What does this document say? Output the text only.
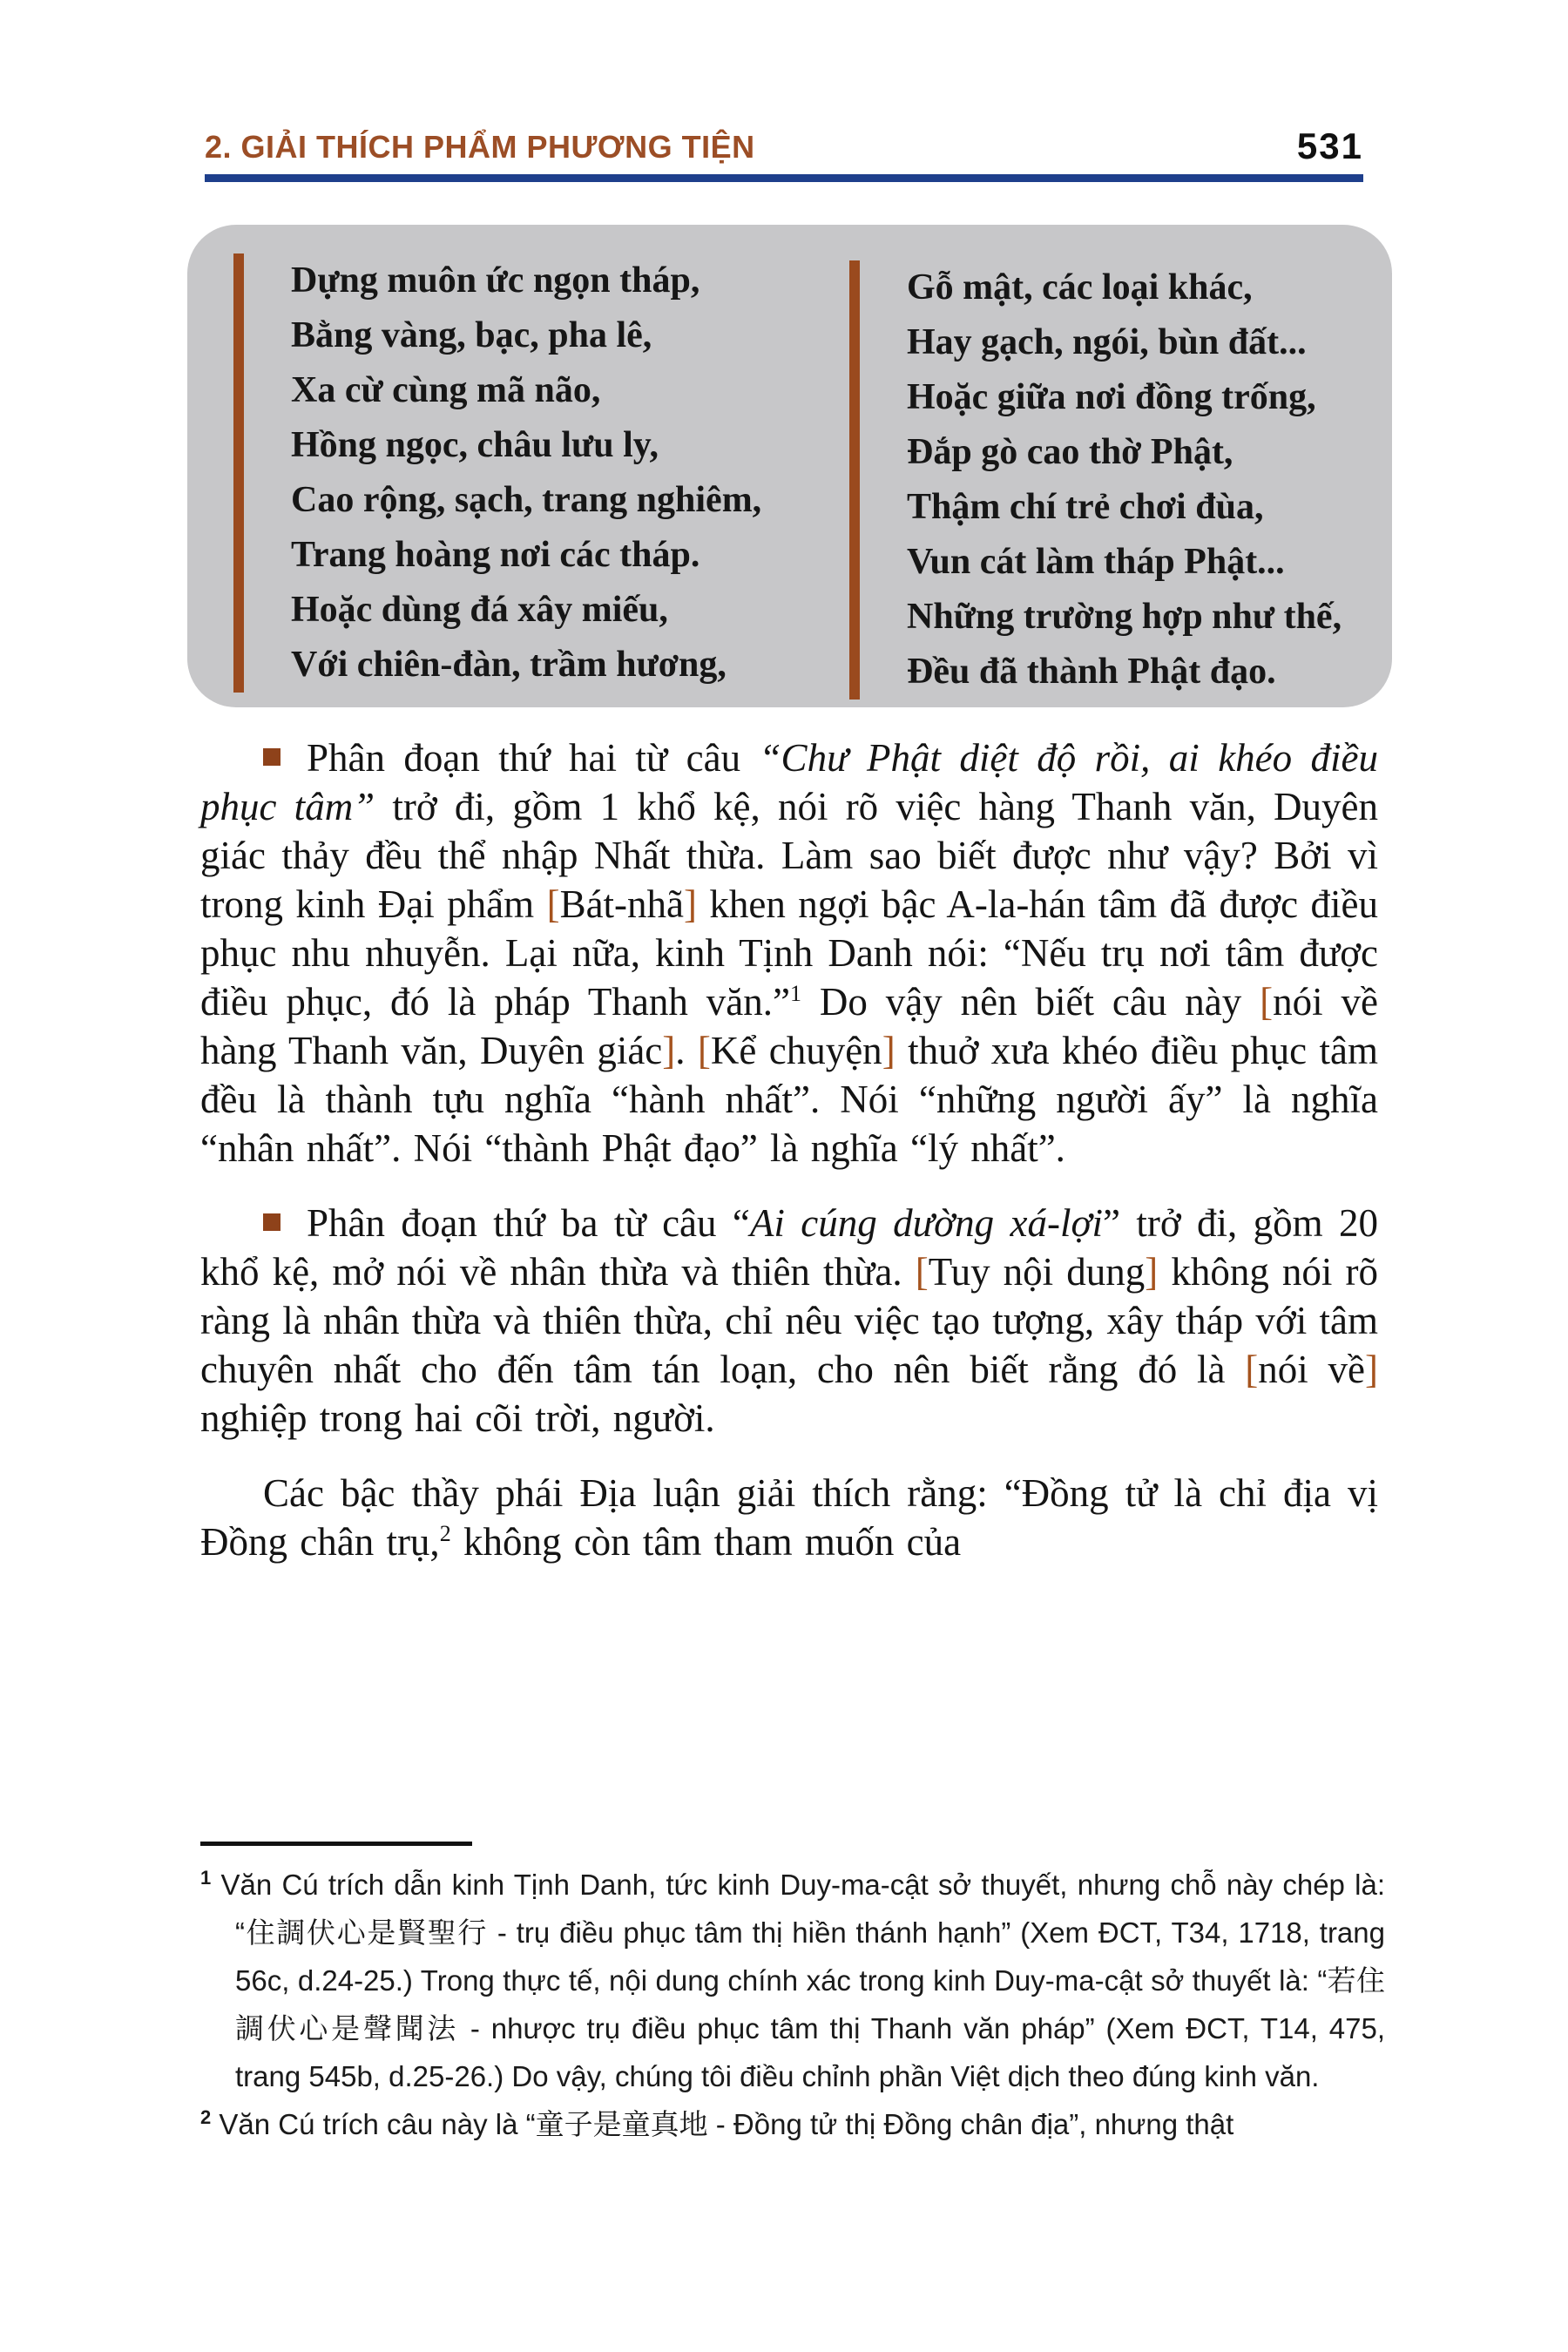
2. GIẢI THÍCH PHẨM PHƯƠNG TIỆN	531
Dựng muôn ức ngọn tháp,
Bằng vàng, bạc, pha lê,
Xa cừ cùng mã não,
Hồng ngọc, châu lưu ly,
Cao rộng, sạch, trang nghiêm,
Trang hoàng nơi các tháp.
Hoặc dùng đá xây miếu,
Với chiên-đàn, trầm hương,
Gỗ mật, các loại khác,
Hay gạch, ngói, bùn đất...
Hoặc giữa nơi đồng trống,
Đắp gò cao thờ Phật,
Thậm chí trẻ chơi đùa,
Vun cát làm tháp Phật...
Những trường hợp như thế,
Đều đã thành Phật đạo.

Phân đoạn thứ hai từ câu “Chư Phật diệt độ rồi, ai khéo điều phục tâm” trở đi, gồm 1 khổ kệ, nói rõ việc hàng Thanh văn, Duyên giác thảy đều thể nhập Nhất thừa. Làm sao biết được như vậy? Bởi vì trong kinh Đại phẩm [Bát-nhã] khen ngợi bậc A-la-hán tâm đã được điều phục nhu nhuyễn. Lại nữa, kinh Tịnh Danh nói: “Nếu trụ nơi tâm được điều phục, đó là pháp Thanh văn.”$^1$ Do vậy nên biết câu này [nói về hàng Thanh văn, Duyên giác]. [Kể chuyện] thuở xưa khéo điều phục tâm đều là thành tựu nghĩa “hành nhất”. Nói “những người ấy” là nghĩa “nhân nhất”. Nói “thành Phật đạo” là nghĩa “lý nhất”.

Phân đoạn thứ ba từ câu “Ai cúng dường xá-lợi” trở đi, gồm 20 khổ kệ, mở nói về nhân thừa và thiên thừa. [Tuy nội dung] không nói rõ ràng là nhân thừa và thiên thừa, chỉ nêu việc tạo tượng, xây tháp với tâm chuyên nhất cho đến tâm tán loạn, cho nên biết rằng đó là [nói về] nghiệp trong hai cõi trời, người.

Các bậc thầy phái Địa luận giải thích rằng: “Đồng tử là chỉ địa vị Đồng chân trụ,$^2$ không còn tâm tham muốn của

$^1$ Văn Cú trích dẫn kinh Tịnh Danh, tức kinh Duy-ma-cật sở thuyết, nhưng chỗ này chép là: “住調伏心是賢聖行 - trụ điều phục tâm thị hiền thánh hạnh” (Xem ĐCT, T34, 1718, trang 56c, d.24-25.) Trong thực tế, nội dung chính xác trong kinh Duy-ma-cật sở thuyết là: “若住調伏心是聲聞法 - nhược trụ điều phục tâm thị Thanh văn pháp” (Xem ĐCT, T14, 475, trang 545b, d.25-26.) Do vậy, chúng tôi điều chỉnh phần Việt dịch theo đúng kinh văn.

$^2$ Văn Cú trích câu này là “童子是童真地 - Đồng tử thị Đồng chân địa”, nhưng thật
